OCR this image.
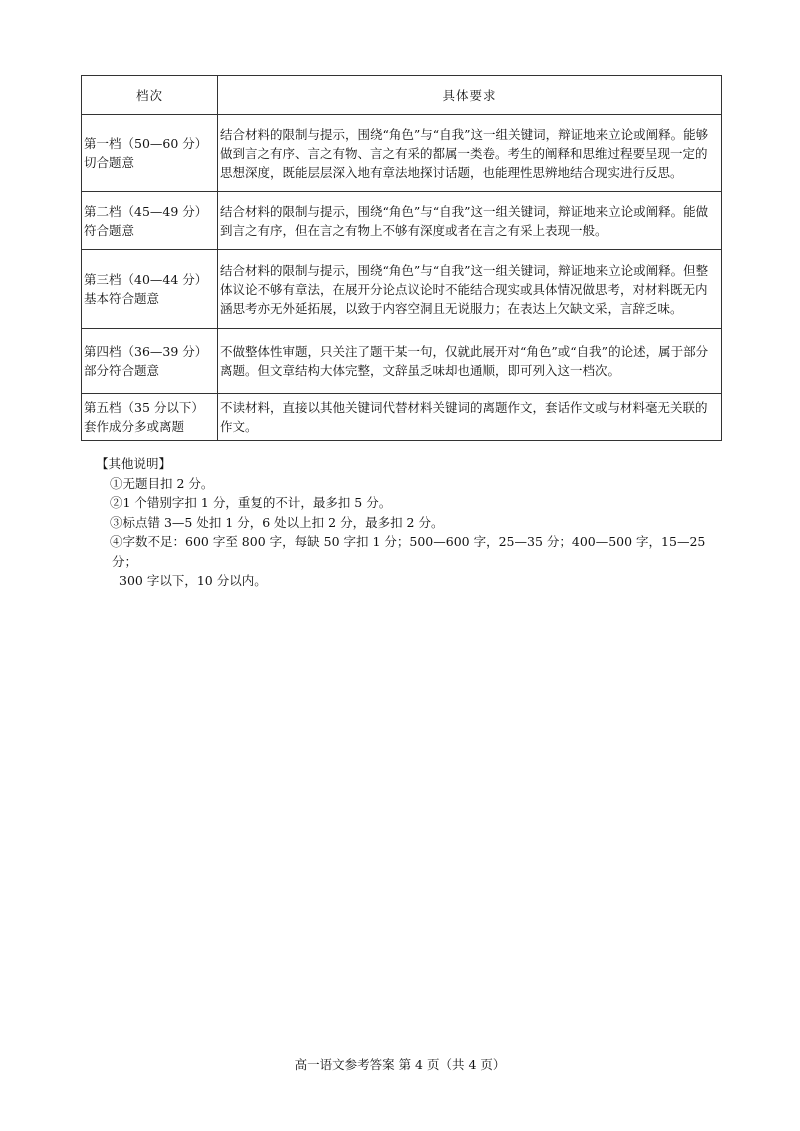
档次	具体要求
第一档（50—60 分）切合题意	结合材料的限制与提示，围绕“角色”与“自我”这一组关键词，辩证地来立论或阐释。能够做到言之有序、言之有物、言之有采的都属一类卷。考生的阐释和思维过程要呈现一定的思想深度，既能层层深入地有章法地探讨话题，也能理性思辨地结合现实进行反思。
第二档（45—49 分）符合题意	结合材料的限制与提示，围绕“角色”与“自我”这一组关键词，辩证地来立论或阐释。能做到言之有序，但在言之有物上不够有深度或者在言之有采上表现一般。
第三档（40—44 分）基本符合题意	结合材料的限制与提示，围绕“角色”与“自我”这一组关键词，辩证地来立论或阐释。但整体议论不够有章法，在展开分论点议论时不能结合现实或具体情况做思考，对材料既无内涵思考亦无外延拓展，以致于内容空洞且无说服力；在表达上欠缺文采，言辞乏味。
第四档（36—39 分）部分符合题意	不做整体性审题，只关注了题干某一句，仅就此展开对“角色”或“自我”的论述，属于部分离题。但文章结构大体完整，文辞虽乏味却也通顺，即可列入这一档次。
第五档（35 分以下）套作成分多或离题	不读材料，直接以其他关键词代替材料关键词的离题作文，套话作文或与材料毫无关联的作文。
【其他说明】
①无题目扣 2 分。
②1 个错别字扣 1 分，重复的不计，最多扣 5 分。
③标点错 3—5 处扣 1 分，6 处以上扣 2 分，最多扣 2 分。
④字数不足：600 字至 800 字，每缺 50 字扣 1 分；500—600 字，25—35 分；400—500 字，15—25 分；
300 字以下，10 分以内。
高一语文参考答案 第 4 页（共 4 页）
